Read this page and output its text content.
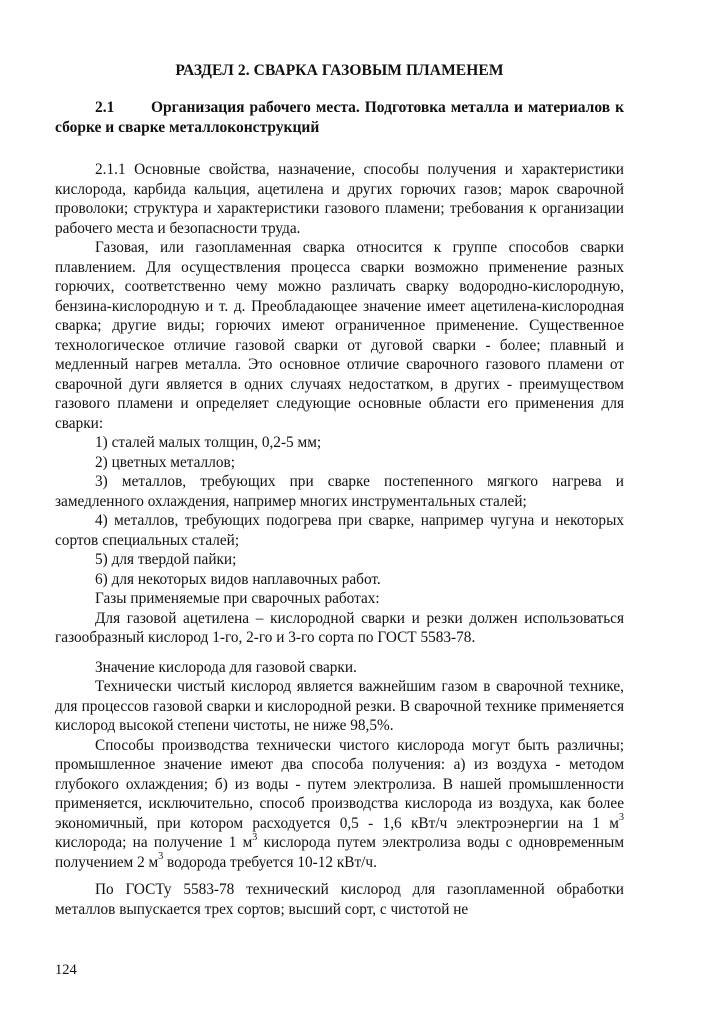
РАЗДЕЛ 2. СВАРКА ГАЗОВЫМ ПЛАМЕНЕМ
2.1 Организация рабочего места. Подготовка металла и материалов к сборке и сварке металлоконструкций

2.1.1 Основные свойства, назначение, способы получения и характеристики кислорода, карбида кальция, ацетилена и других горючих газов; марок сварочной проволоки; структура и характеристики газового пламени; требования к организации рабочего места и безопасности труда.

Газовая, или газопламенная сварка относится к группе способов сварки плавлением. Для осуществления процесса сварки возможно применение разных горючих, соответственно чему можно различать сварку водородно-кислородную, бензина-кислородную и т. д. Преобладающее значение имеет ацетилена-кислородная сварка; другие виды; горючих имеют ограниченное применение. Существенное технологическое отличие газовой сварки от дуговой сварки - более; плавный и медленный нагрев металла. Это основное отличие сварочного газового пламени от сварочной дуги является в одних случаях недостатком, в других - преимуществом газового пламени и определяет следующие основные области его применения для сварки:

1) сталей малых толщин, 0,2-5 мм;

2) цветных металлов;

3) металлов, требующих при сварке постепенного мягкого нагрева и замедленного охлаждения, например многих инструментальных сталей;

4) металлов, требующих подогрева при сварке, например чугуна и некоторых сортов специальных сталей;

5) для твердой пайки;

6) для некоторых видов наплавочных работ.

Газы применяемые при сварочных работах:

Для газовой ацетилена – кислородной сварки и резки должен использоваться газообразный кислород 1-го, 2-го и 3-го сорта по ГОСТ 5583-78.

Значение кислорода для газовой сварки.

Технически чистый кислород является важнейшим газом в сварочной технике, для процессов газовой сварки и кислородной резки. В сварочной технике применяется кислород высокой степени чистоты, не ниже 98,5%.

Способы производства технически чистого кислорода могут быть различны; промышленное значение имеют два способа получения: а) из воздуха - методом глубокого охлаждения; б) из воды - путем электролиза. В нашей промышленности применяется, исключительно, способ производства кислорода из воздуха, как более экономичный, при котором расходуется 0,5 - 1,6 кВт/ч электроэнергии на 1 $м^3$ кислорода; на получение 1 $м^3$ кислорода путем электролиза воды с одновременным получением 2 $м^3$ водорода требуется 10-12 кВт/ч.

По ГОСТу 5583-78 технический кислород для газопламенной обработки металлов выпускается трех сортов; высший сорт, с чистотой не

124
